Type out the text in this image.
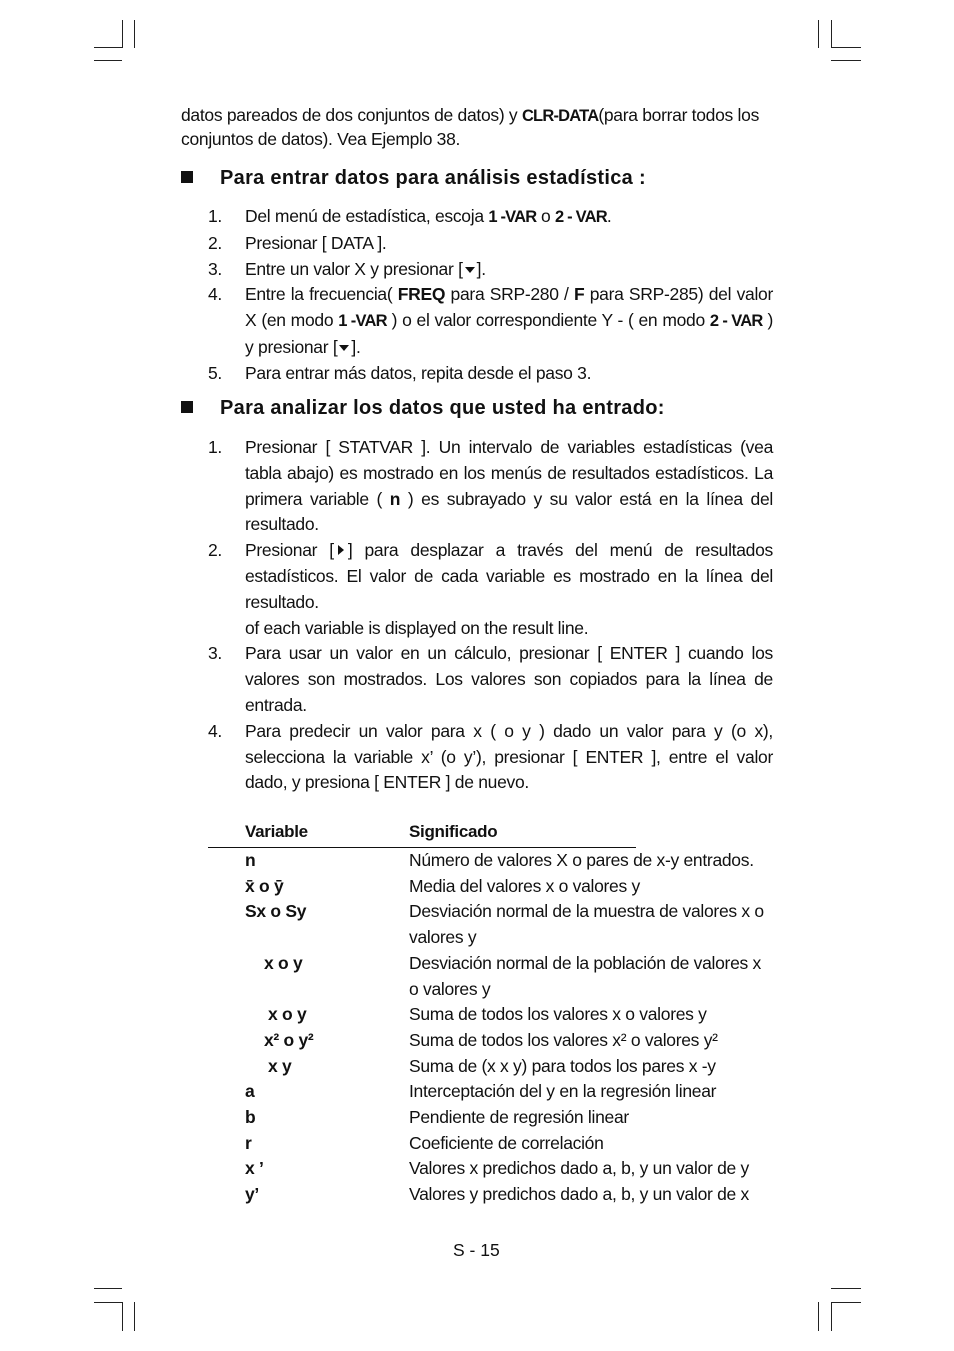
datos pareados de dos conjuntos de datos) y CLR-DATA(para borrar todos los conjuntos de datos). Vea Ejemplo 38.
Para entrar datos para análisis estadística :
1.	Del menú de estadística, escoja 1 -VAR o 2 - VAR.
2.	Presionar [ DATA ].
3.	Entre un valor X y presionar [ ].
4.	Entre la frecuencia( FREQ para SRP-280 / F para SRP-285) del valor X (en modo 1 -VAR ) o el valor correspondiente Y - ( en modo 2 - VAR ) y presionar [ ].
5.	Para entrar más datos, repita desde el paso 3.
Para analizar los datos que usted ha entrado:
1.	Presionar [ STATVAR ]. Un intervalo de variables estadísticas (vea tabla abajo) es mostrado en los menús de resultados estadísticos. La primera variable ( n ) es subrayado y su valor está en la línea del resultado.
2.	Presionar [ ] para desplazar a través del menú de resultados estadísticos. El valor de cada variable es mostrado en la línea del resultado.
of each variable is displayed on the result line.
3.	Para usar un valor en un cálculo, presionar [ ENTER ] cuando los valores son mostrados. Los valores son copiados para la línea de entrada.
4.	Para predecir un valor para x ( o y ) dado un valor para y (o x), selecciona la variable x’ (o y’), presionar [ ENTER ], entre el valor dado, y presiona [ ENTER ] de nuevo.
Variable	Significado
n	Número de valores X o pares de x-y entrados.
x̄ o ȳ	Media del valores x o valores y
Sx o Sy	Desviación normal de la muestra de valores x o valores y
x o y	Desviación normal de la población de valores x o valores y
x o y	Suma de todos los valores x o valores y
x² o y²	Suma de todos los valores x² o valores y²
x y	Suma de (x x y) para todos los pares x -y
a	Interceptación del y en la regresión linear
b	Pendiente de regresión linear
r	Coeficiente de correlación
x ’	Valores x predichos dado a, b, y un valor de y
y’	Valores y predichos dado a, b, y un valor de x
S - 15
